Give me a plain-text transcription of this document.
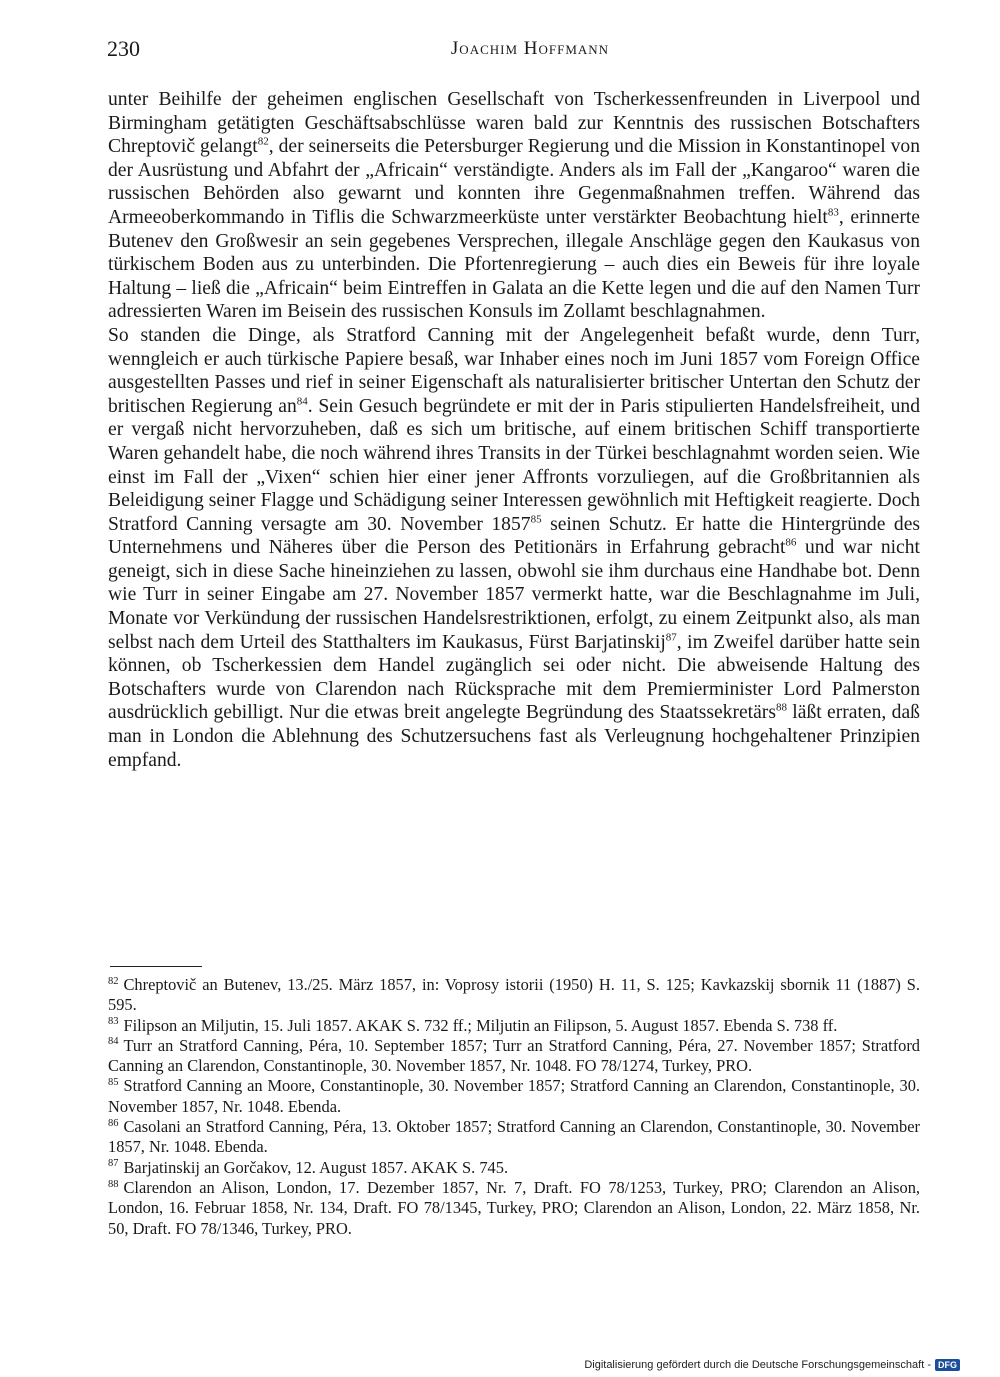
230	Joachim Hoffmann

unter Beihilfe der geheimen englischen Gesellschaft von Tscherkessenfreunden in Liverpool und Birmingham getätigten Geschäftsabschlüsse waren bald zur Kenntnis des russischen Botschafters Chreptovič gelangt$^{82}$, der seinerseits die Petersburger Regierung und die Mission in Konstantinopel von der Ausrüstung und Abfahrt der „Africain“ verständigte. Anders als im Fall der „Kangaroo“ waren die russischen Behörden also gewarnt und konnten ihre Gegenmaßnahmen treffen. Während das Armeeoberkommando in Tiflis die Schwarzmeerküste unter verstärkter Beobachtung hielt$^{83}$, erinnerte Butenev den Großwesir an sein gegebenes Versprechen, illegale Anschläge gegen den Kaukasus von türkischem Boden aus zu unterbinden. Die Pfortenregierung – auch dies ein Beweis für ihre loyale Haltung – ließ die „Africain“ beim Eintreffen in Galata an die Kette legen und die auf den Namen Turr adressierten Waren im Beisein des russischen Konsuls im Zollamt beschlagnahmen.

So standen die Dinge, als Stratford Canning mit der Angelegenheit befaßt wurde, denn Turr, wenngleich er auch türkische Papiere besaß, war Inhaber eines noch im Juni 1857 vom Foreign Office ausgestellten Passes und rief in seiner Eigenschaft als naturalisierter britischer Untertan den Schutz der britischen Regierung $an^{84}$. Sein Gesuch begründete er mit der in Paris stipulierten Handelsfreiheit, und er vergaß nicht hervorzuheben, daß es sich um britische, auf einem britischen Schiff transportierte Waren gehandelt habe, die noch während ihres Transits in der Türkei beschlagnahmt worden seien. Wie einst im Fall der „Vixen“ schien hier einer jener Affronts vorzuliegen, auf die Großbritannien als Beleidigung seiner Flagge und Schädigung seiner Interessen gewöhnlich mit Heftigkeit reagierte. Doch Stratford Canning versagte am 30. November 1857$^{85}$ seinen Schutz. Er hatte die Hintergründe des Unternehmens und Näheres über die Person des Petitionärs in Erfahrung gebracht$^{86}$ und war nicht geneigt, sich in diese Sache hineinziehen zu lassen, obwohl sie ihm durchaus eine Handhabe bot. Denn wie Turr in seiner Eingabe am 27. November 1857 vermerkt hatte, war die Beschlagnahme im Juli, Monate vor Verkündung der russischen Handelsrestriktionen, erfolgt, zu einem Zeitpunkt also, als man selbst nach dem Urteil des Statthalters im Kaukasus, Fürst Barjatinskij$^{87}$, im Zweifel darüber hatte sein können, ob Tscherkessien dem Handel zugänglich sei oder nicht. Die abweisende Haltung des Botschafters wurde von Clarendon nach Rücksprache mit dem Premierminister Lord Palmerston ausdrücklich gebilligt. Nur die etwas breit angelegte Begründung des Staatssekretärs$^{88}$ läßt erraten, daß man in London die Ablehnung des Schutzersuchens fast als Verleugnung hochgehaltener Prinzipien empfand.

$^{82}$ Chreptovič an Butenev, 13./25. März 1857, in: Voprosy istorii (1950) H. 11, S. 125; Kavkazskij sbornik 11 (1887) S. 595.
$^{83}$ Filipson an Miljutin, 15. Juli 1857. AKAK S. 732 ff.; Miljutin an Filipson, 5. August 1857. Ebenda S. 738 ff.
$^{84}$ Turr an Stratford Canning, Péra, 10. September 1857; Turr an Stratford Canning, Péra, 27. November 1857; Stratford Canning an Clarendon, Constantinople, 30. November 1857, Nr. 1048. FO 78/1274, Turkey, PRO.
$^{85}$ Stratford Canning an Moore, Constantinople, 30. November 1857; Stratford Canning an Clarendon, Constantinople, 30. November 1857, Nr. 1048. Ebenda.
$^{86}$ Casolani an Stratford Canning, Péra, 13. Oktober 1857; Stratford Canning an Clarendon, Constantinople, 30. November 1857, Nr. 1048. Ebenda.
$^{87}$ Barjatinskij an Gorčakov, 12. August 1857. AKAK S. 745.
$^{88}$ Clarendon an Alison, London, 17. Dezember 1857, Nr. 7, Draft. FO 78/1253, Turkey, PRO; Clarendon an Alison, London, 16. Februar 1858, Nr. 134, Draft. FO 78/1345, Turkey, PRO; Clarendon an Alison, London, 22. März 1858, Nr. 50, Draft. FO 78/1346, Turkey, PRO.
Digitalisierung gefördert durch die Deutsche Forschungsgemeinschaft - DFG
